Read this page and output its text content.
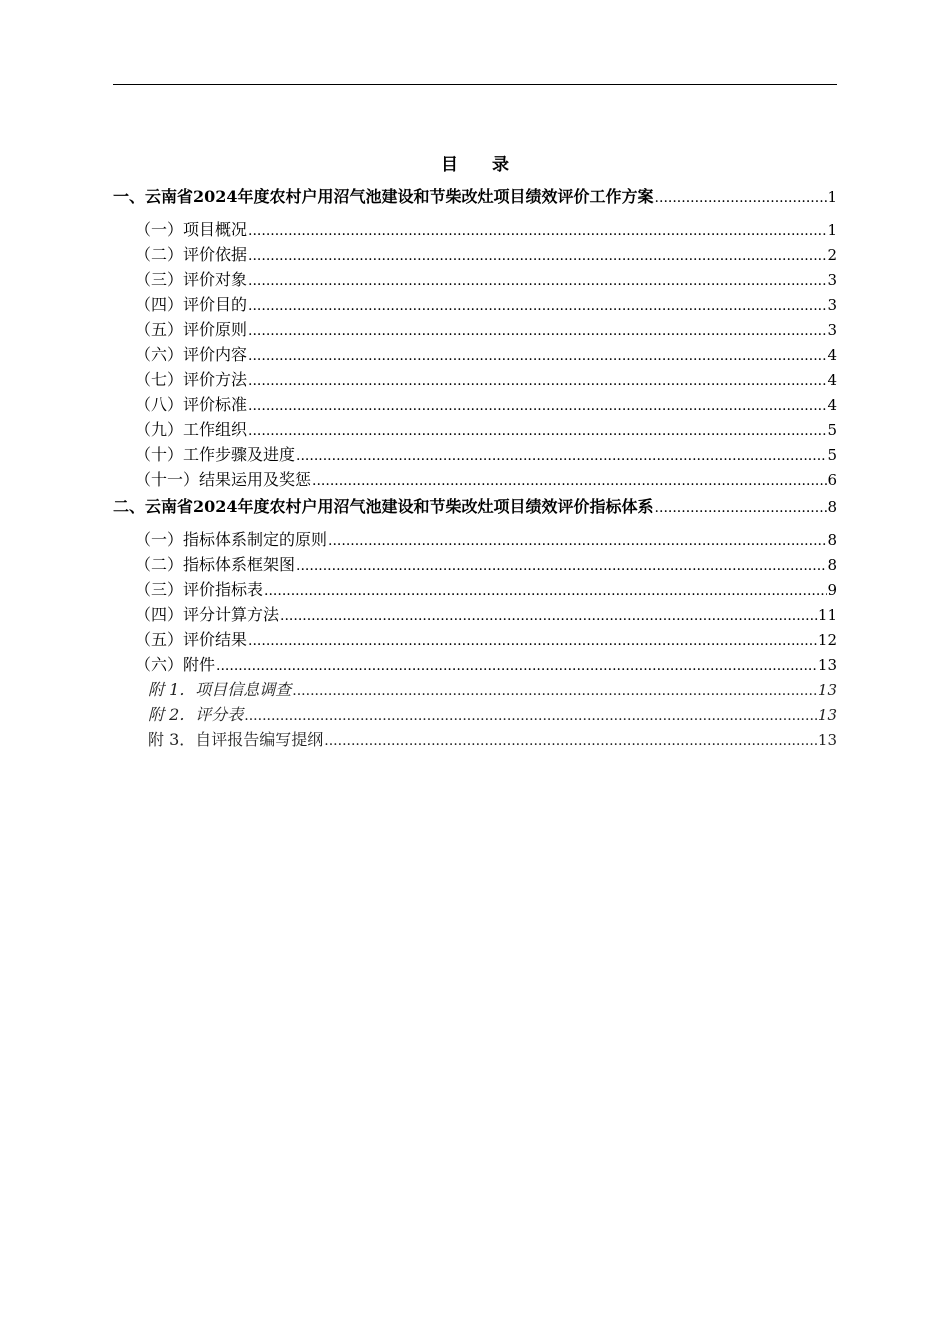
目 录
一、云南省2024年度农村户用沼气池建设和节柴改灶项目绩效评价工作方案 .....	1
（一）项目概况 .....	1
（二）评价依据 .....	2
（三）评价对象 .....	3
（四）评价目的 .....	3
（五）评价原则 .....	3
（六）评价内容 .....	4
（七）评价方法 .....	4
（八）评价标准 .....	4
（九）工作组织 .....	5
（十）工作步骤及进度 .....	5
（十一）结果运用及奖惩 .....	6
二、云南省2024年度农村户用沼气池建设和节柴改灶项目绩效评价指标体系 .....	8
（一）指标体系制定的原则 .....	8
（二）指标体系框架图 .....	8
（三）评价指标表 .....	9
（四）评分计算方法 .....	11
（五）评价结果 .....	12
（六）附件 .....	13
附 1．项目信息调查 .....	13
附 2．评分表 .....	13
附 3．自评报告编写提纲 .....	13
